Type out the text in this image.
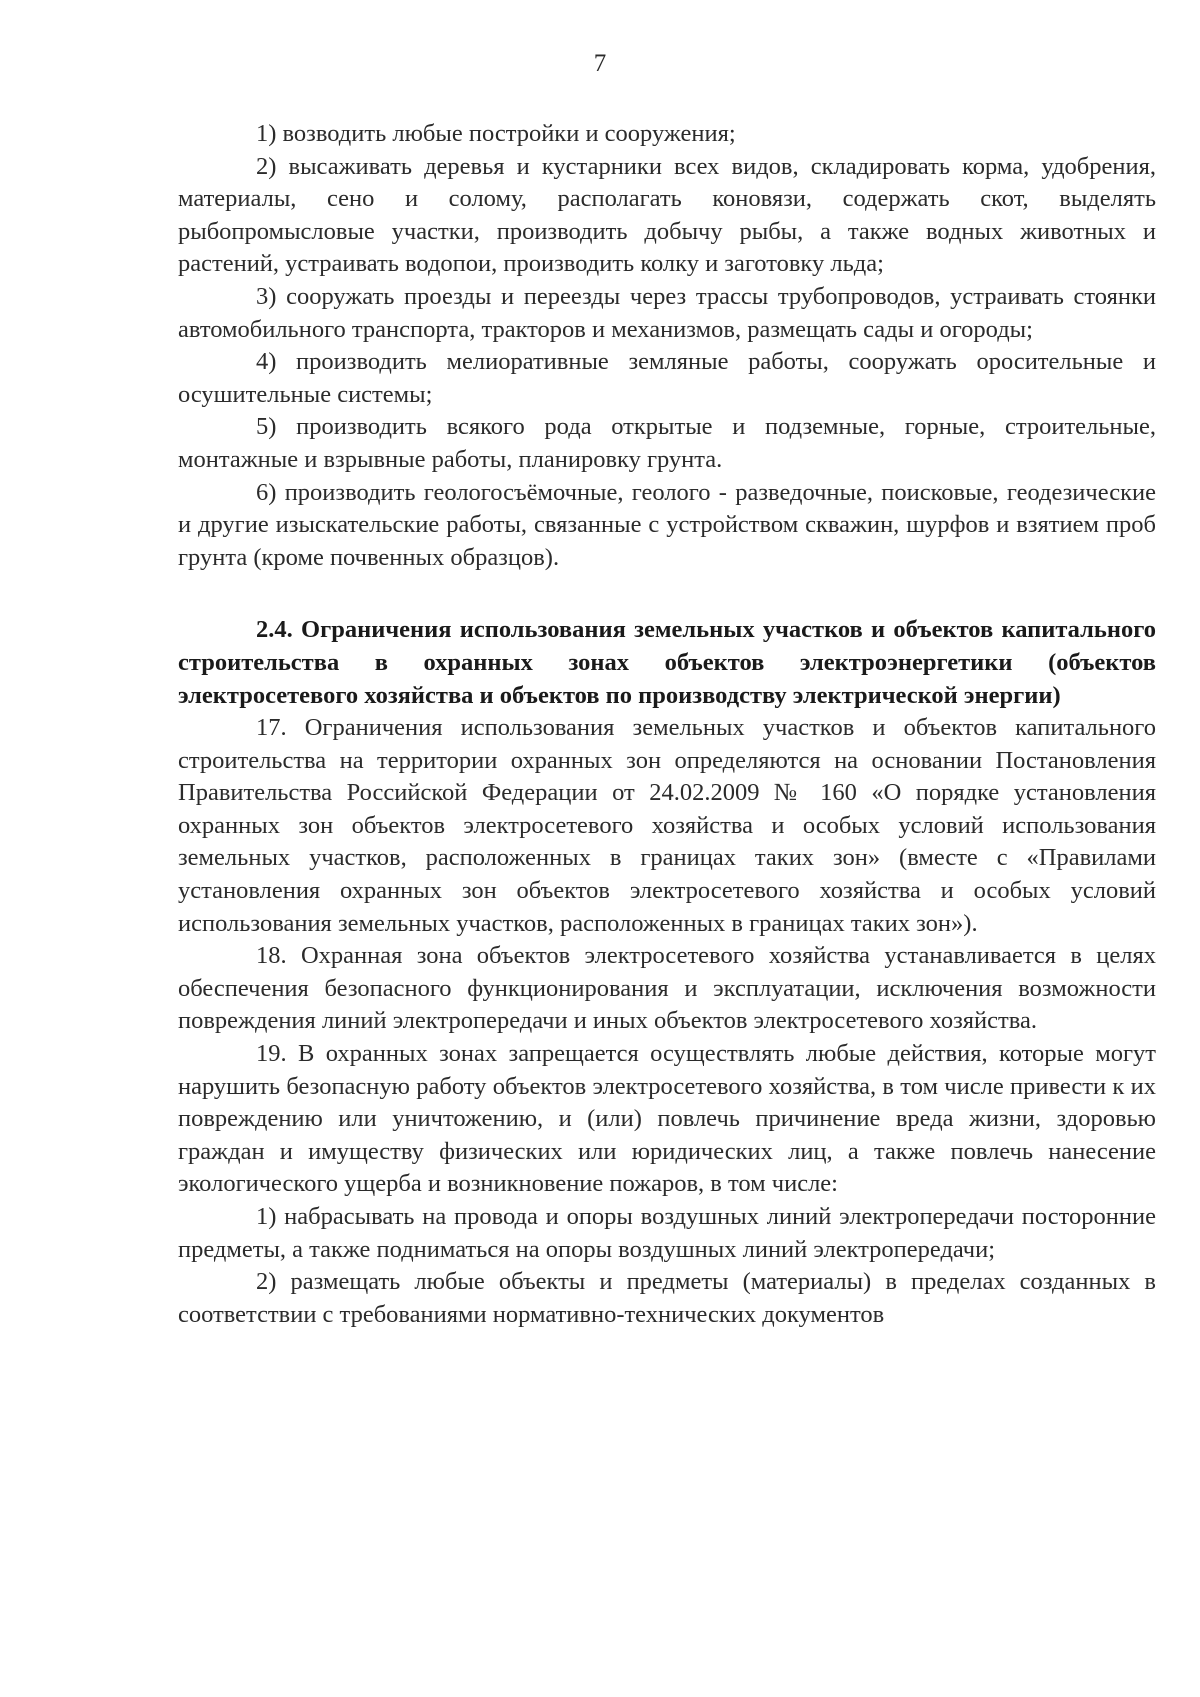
7

1) возводить любые постройки и сооружения;

2) высаживать деревья и кустарники всех видов, складировать корма, удобрения, материалы, сено и солому, располагать коновязи, содержать скот, выделять рыбопромысловые участки, производить добычу рыбы, а также водных животных и растений, устраивать водопои, производить колку и заготовку льда;

3) сооружать проезды и переезды через трассы трубопроводов, устраивать стоянки автомобильного транспорта, тракторов и механизмов, размещать сады и огороды;

4) производить мелиоративные земляные работы, сооружать оросительные и осушительные системы;

5) производить всякого рода открытые и подземные, горные, строительные, монтажные и взрывные работы, планировку грунта.

6) производить геологосъёмочные, геолого - разведочные, поисковые, геодезические и другие изыскательские работы, связанные с устройством скважин, шурфов и взятием проб грунта (кроме почвенных образцов).

2.4. Ограничения использования земельных участков и объектов капитального строительства в охранных зонах объектов электроэнергетики (объектов электросетевого хозяйства и объектов по производству электрической энергии)

17. Ограничения использования земельных участков и объектов капитального строительства на территории охранных зон определяются на основании Постановления Правительства Российской Федерации от 24.02.2009 № 160 «О порядке установления охранных зон объектов электросетевого хозяйства и особых условий использования земельных участков, расположенных в границах таких зон» (вместе с «Правилами установления охранных зон объектов электросетевого хозяйства и особых условий использования земельных участков, расположенных в границах таких зон»).

18. Охранная зона объектов электросетевого хозяйства устанавливается в целях обеспечения безопасного функционирования и эксплуатации, исключения возможности повреждения линий электропередачи и иных объектов электросетевого хозяйства.

19. В охранных зонах запрещается осуществлять любые действия, которые могут нарушить безопасную работу объектов электросетевого хозяйства, в том числе привести к их повреждению или уничтожению, и (или) повлечь причинение вреда жизни, здоровью граждан и имуществу физических или юридических лиц, а также повлечь нанесение экологического ущерба и возникновение пожаров, в том числе:

1) набрасывать на провода и опоры воздушных линий электропередачи посторонние предметы, а также подниматься на опоры воздушных линий электропередачи;

2) размещать любые объекты и предметы (материалы) в пределах созданных в соответствии с требованиями нормативно-технических документов
